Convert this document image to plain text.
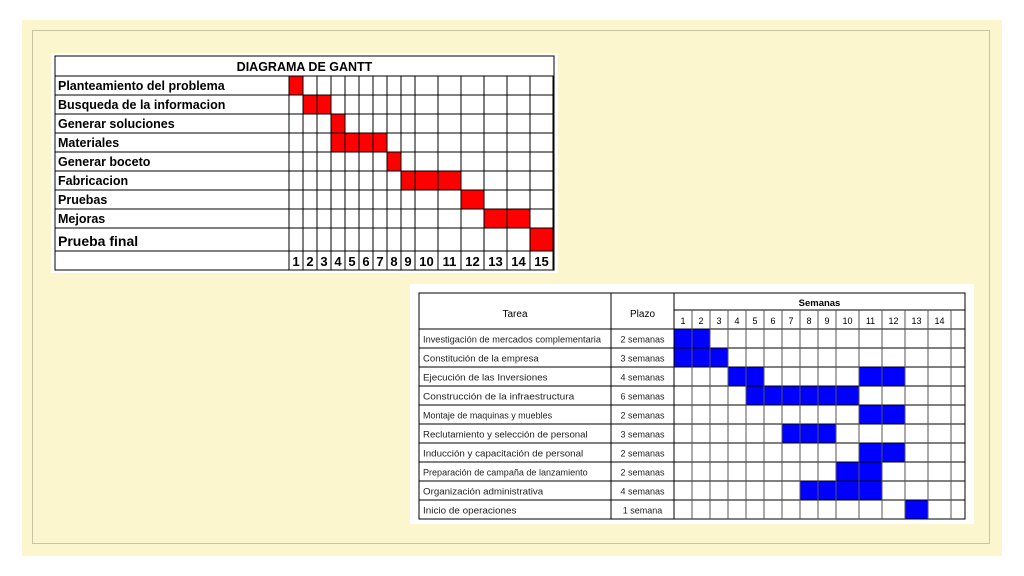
DIAGRAMA DE GANTT
Planteamiento del problema
Busqueda de la informacion
Generar soluciones
Materiales
Generar boceto
Fabricacion
Pruebas
Mejoras
Prueba final
1 2 3 4 5 6 7 8 9 10 11 12 13 14 15
Tarea	Plazo
Semanas
1 2 3 4 5 6 7 8 9 10 11 12 13 14
Investigación de mercados complementaria 2 semanas
Constitución de la empresa	3 semanas
Ejecución de las Inversiones	4 semanas
Construcción de la infraestructura	6 semanas
Montaje de maquinas y muebles	2 semanas
Reclutamiento y selección de personal	3 semanas
Inducción y capacitación de personal	2 semanas
Preparación de campaña de lanzamiento	2 semanas
Organización administrativa	4 semanas
Inicio de operaciones	1 semana
